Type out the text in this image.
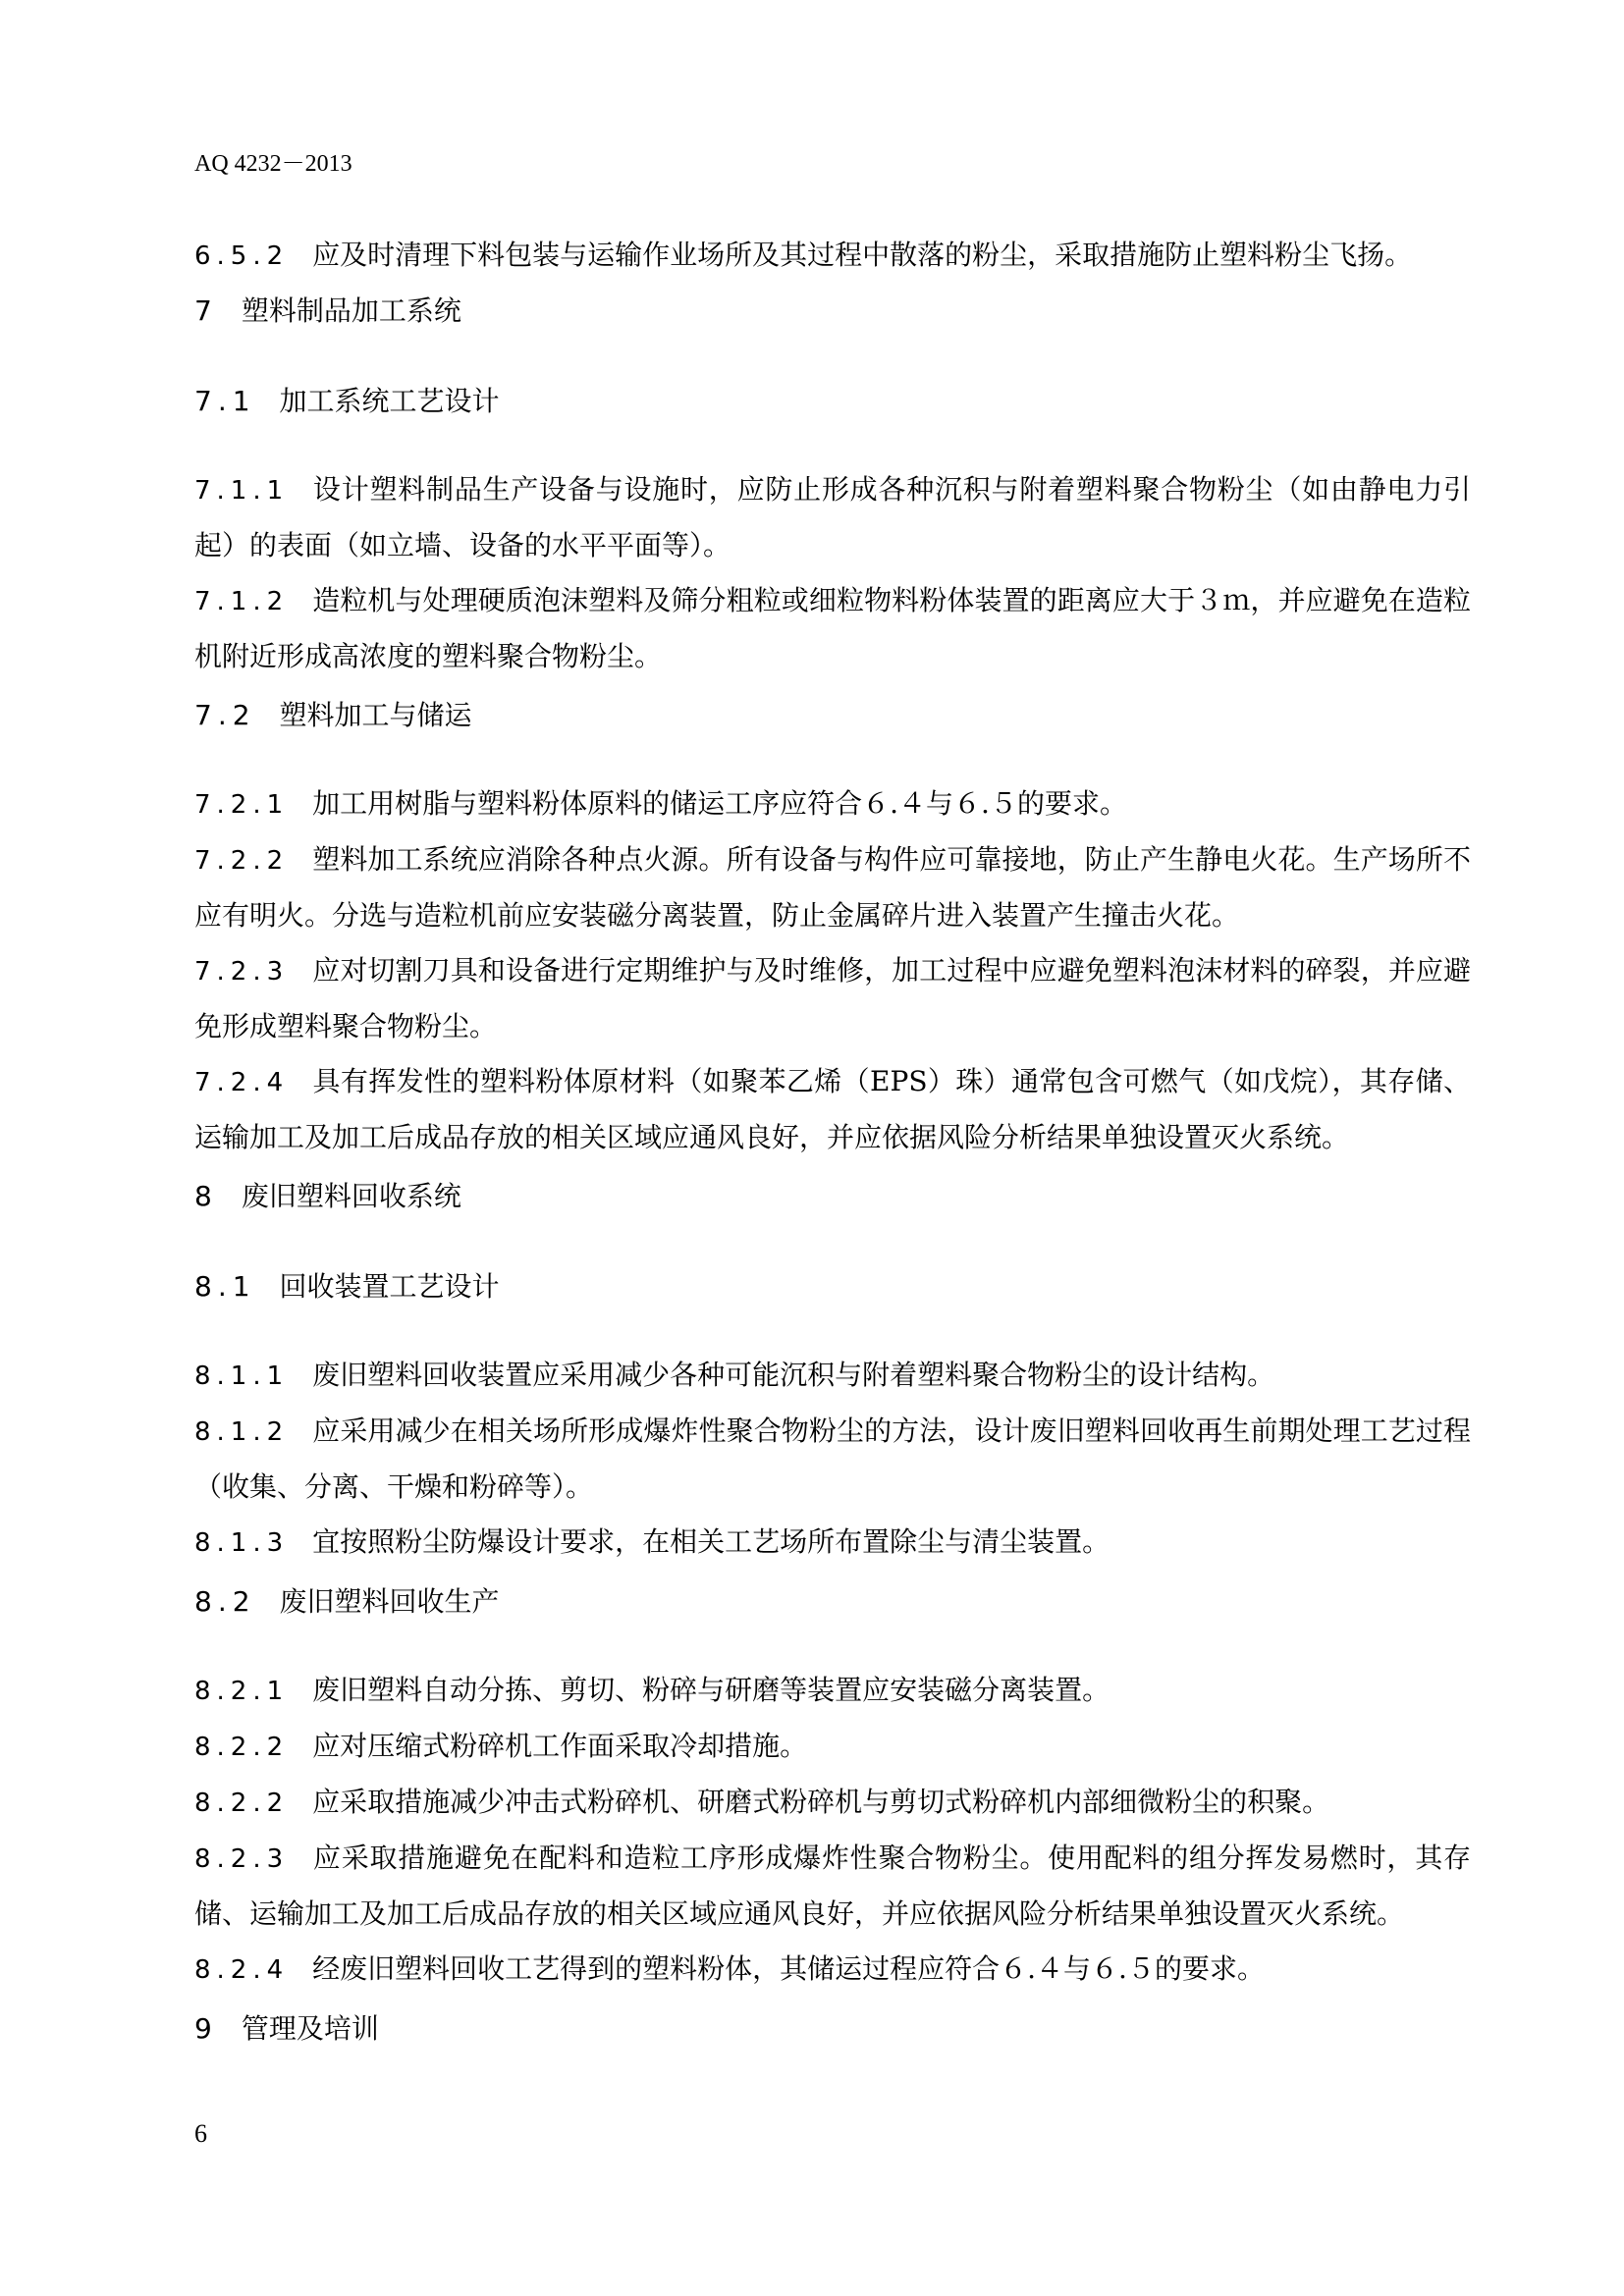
AQ 4232－2013
6.5.2 应及时清理下料包装与运输作业场所及其过程中散落的粉尘，采取措施防止塑料粉尘飞扬。
7 塑料制品加工系统
7.1 加工系统工艺设计
7.1.1 设计塑料制品生产设备与设施时，应防止形成各种沉积与附着塑料聚合物粉尘（如由静电力引起）的表面（如立墙、设备的水平平面等）。
7.1.2 造粒机与处理硬质泡沫塑料及筛分粗粒或细粒物料粉体装置的距离应大于３ｍ，并应避免在造粒机附近形成高浓度的塑料聚合物粉尘。
7.2 塑料加工与储运
7.2.1 加工用树脂与塑料粉体原料的储运工序应符合６.４与６.５的要求。
7.2.2 塑料加工系统应消除各种点火源。所有设备与构件应可靠接地，防止产生静电火花。生产场所不应有明火。分选与造粒机前应安装磁分离装置，防止金属碎片进入装置产生撞击火花。
7.2.3 应对切割刀具和设备进行定期维护与及时维修，加工过程中应避免塑料泡沫材料的碎裂，并应避免形成塑料聚合物粉尘。
7.2.4 具有挥发性的塑料粉体原材料（如聚苯乙烯（EPS）珠）通常包含可燃气（如戊烷），其存储、运输加工及加工后成品存放的相关区域应通风良好，并应依据风险分析结果单独设置灭火系统。
8 废旧塑料回收系统
8.1 回收装置工艺设计
8.1.1 废旧塑料回收装置应采用减少各种可能沉积与附着塑料聚合物粉尘的设计结构。
8.1.2 应采用减少在相关场所形成爆炸性聚合物粉尘的方法，设计废旧塑料回收再生前期处理工艺过程（收集、分离、干燥和粉碎等）。
8.1.3 宜按照粉尘防爆设计要求，在相关工艺场所布置除尘与清尘装置。
8.2 废旧塑料回收生产
8.2.1 废旧塑料自动分拣、剪切、粉碎与研磨等装置应安装磁分离装置。
8.2.2 应对压缩式粉碎机工作面采取冷却措施。
8.2.2 应采取措施减少冲击式粉碎机、研磨式粉碎机与剪切式粉碎机内部细微粉尘的积聚。
8.2.3 应采取措施避免在配料和造粒工序形成爆炸性聚合物粉尘。使用配料的组分挥发易燃时，其存储、运输加工及加工后成品存放的相关区域应通风良好，并应依据风险分析结果单独设置灭火系统。
8.2.4 经废旧塑料回收工艺得到的塑料粉体，其储运过程应符合６.４与６.５的要求。
9 管理及培训
6
